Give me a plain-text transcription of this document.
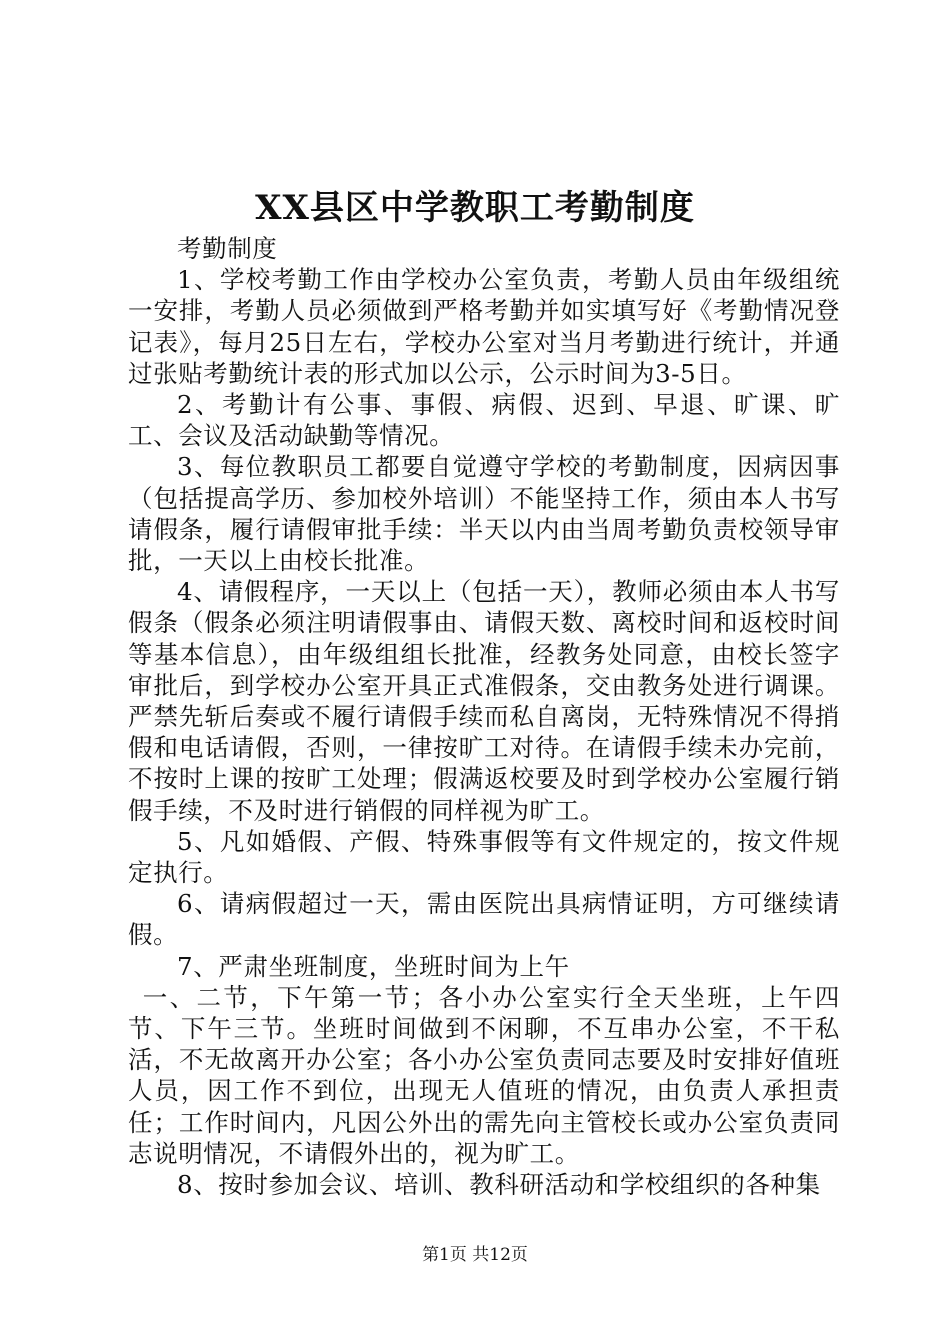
XX县区中学教职工考勤制度

考勤制度

1、学校考勤工作由学校办公室负责，考勤人员由年级组统一安排，考勤人员必须做到严格考勤并如实填写好《考勤情况登记表》，每月25日左右，学校办公室对当月考勤进行统计，并通过张贴考勤统计表的形式加以公示，公示时间为3-5日。

2、考勤计有公事、事假、病假、迟到、早退、旷课、旷工、会议及活动缺勤等情况。

3、每位教职员工都要自觉遵守学校的考勤制度，因病因事（包括提高学历、参加校外培训）不能坚持工作，须由本人书写请假条，履行请假审批手续：半天以内由当周考勤负责校领导审批，一天以上由校长批准。

4、请假程序，一天以上（包括一天），教师必须由本人书写假条（假条必须注明请假事由、请假天数、离校时间和返校时间等基本信息），由年级组组长批准，经教务处同意，由校长签字审批后，到学校办公室开具正式准假条，交由教务处进行调课。严禁先斩后奏或不履行请假手续而私自离岗，无特殊情况不得捎假和电话请假，否则，一律按旷工对待。在请假手续未办完前，不按时上课的按旷工处理；假满返校要及时到学校办公室履行销假手续，不及时进行销假的同样视为旷工。

5、凡如婚假、产假、特殊事假等有文件规定的，按文件规定执行。

6、请病假超过一天，需由医院出具病情证明，方可继续请假。

7、严肃坐班制度，坐班时间为上午

一、二节，下午第一节；各小办公室实行全天坐班，上午四节、下午三节。坐班时间做到不闲聊，不互串办公室，不干私活，不无故离开办公室；各小办公室负责同志要及时安排好值班人员，因工作不到位，出现无人值班的情况，由负责人承担责任；工作时间内，凡因公外出的需先向主管校长或办公室负责同志说明情况，不请假外出的，视为旷工。

8、按时参加会议、培训、教科研活动和学校组织的各种集

第1页 共12页
